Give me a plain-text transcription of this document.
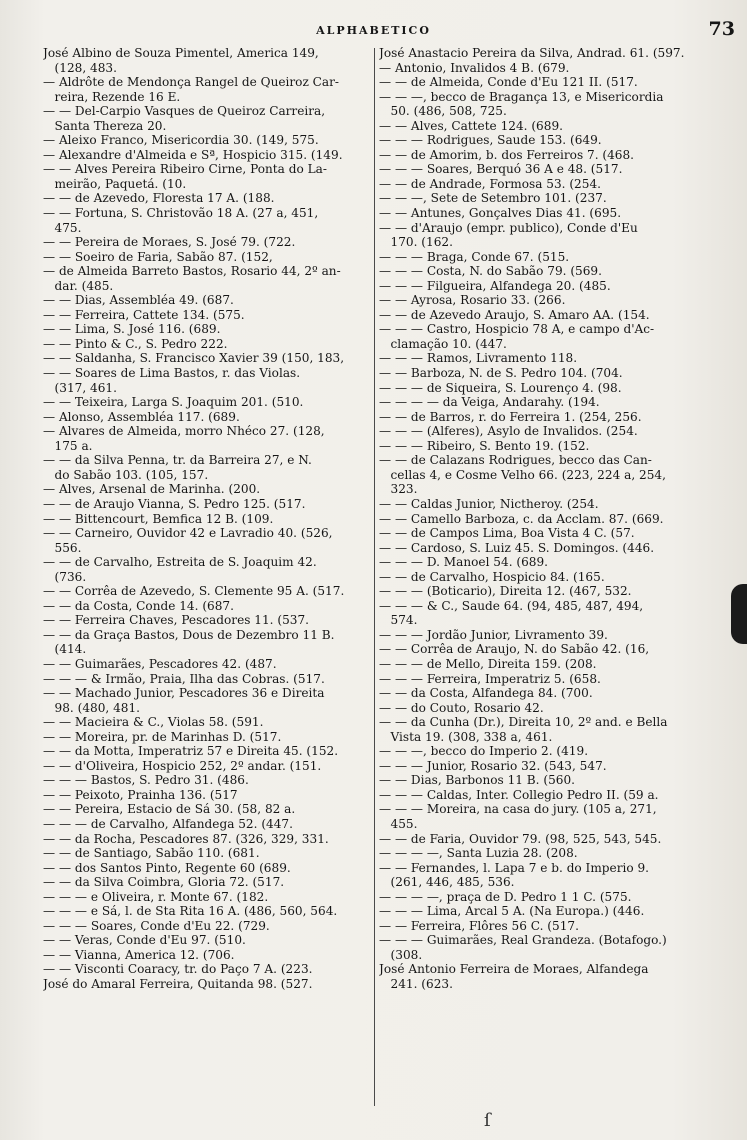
ALPHABETICO	73
José Albino de Souza Pimentel, America 149,
(128, 483.
— Aldrôte de Mendonça Rangel de Queiroz Car-
reira, Rezende 16 E.
— — Del-Carpio Vasques de Queiroz Carreira,
Santa Thereza 20.
— Aleixo Franco, Misericordia 30. (149, 575.
— Alexandre d'Almeida e Sª, Hospicio 315. (149.
— — Alves Pereira Ribeiro Cirne, Ponta do La-
meirão, Paquetá. (10.
— — de Azevedo, Floresta 17 A. (188.
— — Fortuna, S. Christovão 18 A. (27 a, 451,
475.
— — Pereira de Moraes, S. José 79. (722.
— — Soeiro de Faria, Sabão 87. (152,
— de Almeida Barreto Bastos, Rosario 44, 2º an-
dar. (485.
— — Dias, Assembléa 49. (687.
— — Ferreira, Cattete 134. (575.
— — Lima, S. José 116. (689.
— — Pinto & C., S. Pedro 222.
— — Saldanha, S. Francisco Xavier 39 (150, 183,
— — Soares de Lima Bastos, r. das Violas.
(317, 461.
— — Teixeira, Larga S. Joaquim 201. (510.
— Alonso, Assembléa 117. (689.
— Alvares de Almeida, morro Nhéco 27. (128,
175 a.
— — da Silva Penna, tr. da Barreira 27, e N.
do Sabão 103. (105, 157.
— Alves, Arsenal de Marinha. (200.
— — de Araujo Vianna, S. Pedro 125. (517.
— — Bittencourt, Bemfica 12 B. (109.
— — Carneiro, Ouvidor 42 e Lavradio 40. (526,
556.
— — de Carvalho, Estreita de S. Joaquim 42.
(736.
— — Corrêa de Azevedo, S. Clemente 95 A. (517.
— — da Costa, Conde 14. (687.
— — Ferreira Chaves, Pescadores 11. (537.
— — da Graça Bastos, Dous de Dezembro 11 B.
(414.
— — Guimarães, Pescadores 42. (487.
— — — & Irmão, Praia, Ilha das Cobras. (517.
— — Machado Junior, Pescadores 36 e Direita
98. (480, 481.
— — Macieira & C., Violas 58. (591.
— — Moreira, pr. de Marinhas D. (517.
— — da Motta, Imperatriz 57 e Direita 45. (152.
— — d'Oliveira, Hospicio 252, 2º andar. (151.
— — — Bastos, S. Pedro 31. (486.
— — Peixoto, Prainha 136. (517
— — Pereira, Estacio de Sá 30. (58, 82 a.
— — — de Carvalho, Alfandega 52. (447.
— — da Rocha, Pescadores 87. (326, 329, 331.
— — de Santiago, Sabão 110. (681.
— — dos Santos Pinto, Regente 60 (689.
— — da Silva Coimbra, Gloria 72. (517.
— — — e Oliveira, r. Monte 67. (182.
— — — e Sá, l. de Sta Rita 16 A. (486, 560, 564.
— — — Soares, Conde d'Eu 22. (729.
— — Veras, Conde d'Eu 97. (510.
— — Vianna, America 12. (706.
— — Visconti Coaracy, tr. do Paço 7 A. (223.
José do Amaral Ferreira, Quitanda 98. (527.
José Anastacio Pereira da Silva, Andrad. 61. (597.
— Antonio, Invalidos 4 B. (679.
— — de Almeida, Conde d'Eu 121 II. (517.
— — —, becco de Bragança 13, e Misericordia
50. (486, 508, 725.
— — Alves, Cattete 124. (689.
— — — Rodrigues, Saude 153. (649.
— — de Amorim, b. dos Ferreiros 7. (468.
— — — Soares, Berquó 36 A e 48. (517.
— — de Andrade, Formosa 53. (254.
— — —, Sete de Setembro 101. (237.
— — Antunes, Gonçalves Dias 41. (695.
— — d'Araujo (empr. publico), Conde d'Eu
170. (162.
— — — Braga, Conde 67. (515.
— — — Costa, N. do Sabão 79. (569.
— — — Filgueira, Alfandega 20. (485.
— — Ayrosa, Rosario 33. (266.
— — de Azevedo Araujo, S. Amaro AA. (154.
— — — Castro, Hospicio 78 A, e campo d'Ac-
clamação 10. (447.
— — — Ramos, Livramento 118.
— — Barboza, N. de S. Pedro 104. (704.
— — — de Siqueira, S. Lourenço 4. (98.
— — — — da Veiga, Andarahy. (194.
— — de Barros, r. do Ferreira 1. (254, 256.
— — — (Alferes), Asylo de Invalidos. (254.
— — — Ribeiro, S. Bento 19. (152.
— — de Calazans Rodrigues, becco das Can-
cellas 4, e Cosme Velho 66. (223, 224 a, 254,
323.
— — Caldas Junior, Nictheroy. (254.
— — Camello Barboza, c. da Acclam. 87. (669.
— — de Campos Lima, Boa Vista 4 C. (57.
— — Cardoso, S. Luiz 45. S. Domingos. (446.
— — — D. Manoel 54. (689.
— — de Carvalho, Hospicio 84. (165.
— — — (Boticario), Direita 12. (467, 532.
— — — & C., Saude 64. (94, 485, 487, 494,
574.
— — — Jordão Junior, Livramento 39.
— — Corrêa de Araujo, N. do Sabão 42. (16,
— — — de Mello, Direita 159. (208.
— — — Ferreira, Imperatriz 5. (658.
— — da Costa, Alfandega 84. (700.
— — do Couto, Rosario 42.
— — da Cunha (Dr.), Direita 10, 2º and. e Bella
Vista 19. (308, 338 a, 461.
— — —, becco do Imperio 2. (419.
— — — Junior, Rosario 32. (543, 547.
— — Dias, Barbonos 11 B. (560.
— — — Caldas, Inter. Collegio Pedro II. (59 a.
— — — Moreira, na casa do jury. (105 a, 271,
455.
— — de Faria, Ouvidor 79. (98, 525, 543, 545.
— — — —, Santa Luzia 28. (208.
— — Fernandes, l. Lapa 7 e b. do Imperio 9.
(261, 446, 485, 536.
— — — —, praça de D. Pedro 1 1 C. (575.
— — — Lima, Arcal 5 A. (Na Europa.) (446.
— — Ferreira, Flôres 56 C. (517.
— — — Guimarães, Real Grandeza. (Botafogo.)
(308.
José Antonio Ferreira de Moraes, Alfandega
241. (623.
ſ
